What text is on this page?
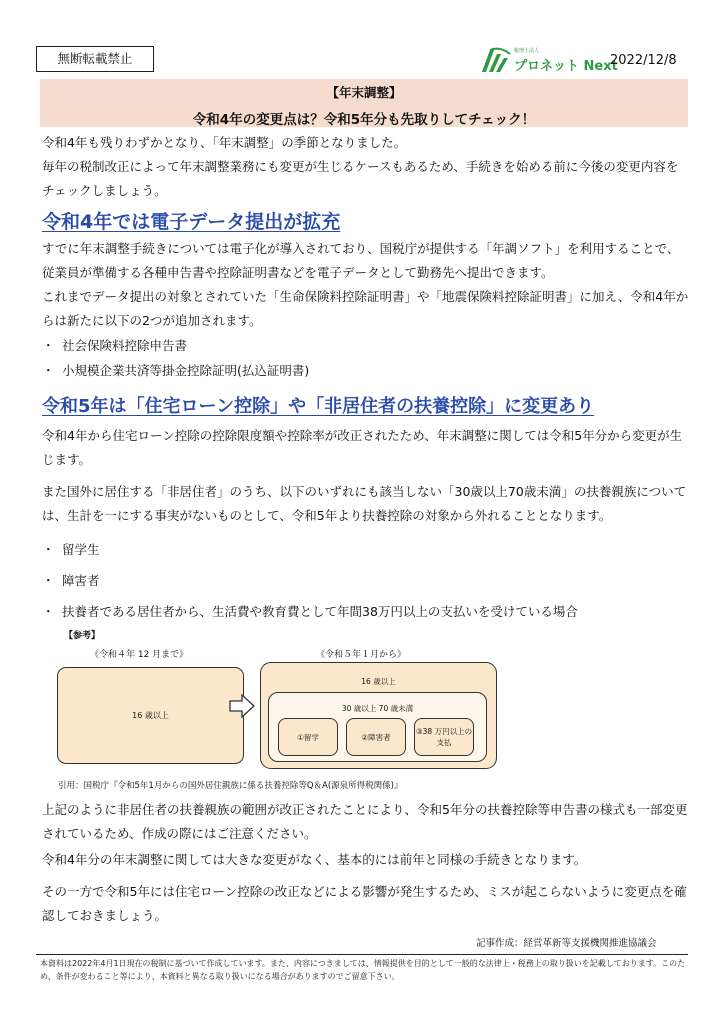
無断転載禁止	税理士法人
プロネット Next
2022/12/8
【年末調整】
令和4年の変更点は？令和5年分も先取りしてチェック！
令和4年も残りわずかとなり、「年末調整」の季節となりました。
毎年の税制改正によって年末調整業務にも変更が生じるケースもあるため、手続きを始める前に今後の変更内容をチェックしましょう。
令和4年では電子データ提出が拡充
すでに年末調整手続きについては電子化が導入されており、国税庁が提供する「年調ソフト」を利用することで、従業員が準備する各種申告書や控除証明書などを電子データとして勤務先へ提出できます。
これまでデータ提出の対象とされていた「生命保険料控除証明書」や「地震保険料控除証明書」に加え、令和4年からは新たに以下の2つが追加されます。
・ 社会保険料控除申告書
・ 小規模企業共済等掛金控除証明(払込証明書)
令和5年は「住宅ローン控除」や「非居住者の扶養控除」に変更あり
令和4年から住宅ローン控除の控除限度額や控除率が改正されたため、年末調整に関しては令和5年分から変更が生じます。
また国外に居住する「非居住者」のうち、以下のいずれにも該当しない「30歳以上70歳未満」の扶養親族については、生計を一にする事実がないものとして、令和5年より扶養控除の対象から外れることとなります。
・ 留学生
・ 障害者
・ 扶養者である居住者から、生活費や教育費として年間38万円以上の支払いを受けている場合
【参考】
《令和４年 12 月まで》	《令和５年１月から》
16 歳以上
16 歳以上
30 歳以上 70 歳未満
①留学	②障害者
③38 万円以上の支払
引用：国税庁『令和5年1月からの国外居住親族に係る扶養控除等Q＆A(源泉所得税関係)』
上記のように非居住者の扶養親族の範囲が改正されたことにより、令和5年分の扶養控除等申告書の様式も一部変更されているため、作成の際にはご注意ください。
令和4年分の年末調整に関しては大きな変更がなく、基本的には前年と同様の手続きとなります。
その一方で令和5年には住宅ローン控除の改正などによる影響が発生するため、ミスが起こらないように変更点を確認しておきましょう。
記事作成：経営革新等支援機関推進協議会
本資料は2022年4月1日現在の税制に基づいて作成しています。また、内容につきましては、情報提供を目的として一般的な法律上・税務上の取り扱いを記載しております。このため、条件が変わること等により、本資料と異なる取り扱いになる場合がありますのでご留意下さい。
